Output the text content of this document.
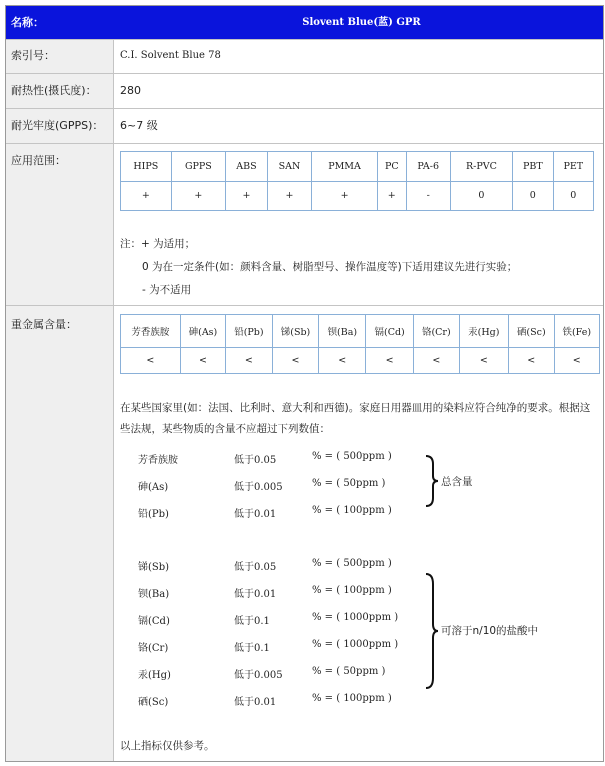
名称：	Slovent Blue(蓝) GPR
索引号：	C.I. Solvent Blue 78
耐热性(摄氏度)：	280
耐光牢度(GPPS)：	6~7 级
应用范围：	HIPS	GPPS	ABS	SAN	PMMA	PC	PA-6	R-PVC	PBT	PET
+	+	+	+	+	+	-	0	0	0
注：+ 为适用；
0 为在一定条件(如：颜料含量、树脂型号、操作温度等)下适用建议先进行实验；
- 为不适用
重金属含量：
芳香族胺	砷(As)	铅(Pb)	锑(Sb)	钡(Ba)	镉(Cd)	铬(Cr)	汞(Hg)	硒(Sc)	铁(Fe)
<	<	<	<	<	<	<	<	<	<
在某些国家里(如：法国、比利时、意大利和西德)。家庭日用器皿用的染料应符合纯净的要求。根据这些法规，某些物质的含量不应超过下列数值：
芳香族胺	低于0.05	% = ( 500ppm )
砷(As)	低于0.005	% = ( 50ppm )
铅(Pb)	低于0.01	% = ( 100ppm )
总含量
锑(Sb)	低于0.05	% = ( 500ppm )
钡(Ba)	低于0.01	% = ( 100ppm )
镉(Cd)	低于0.1	% = ( 1000ppm )
铬(Cr)	低于0.1	% = ( 1000ppm )
汞(Hg)	低于0.005	% = ( 50ppm )
硒(Sc)	低于0.01	% = ( 100ppm )
可溶于n/10的盐酸中
以上指标仅供参考。
